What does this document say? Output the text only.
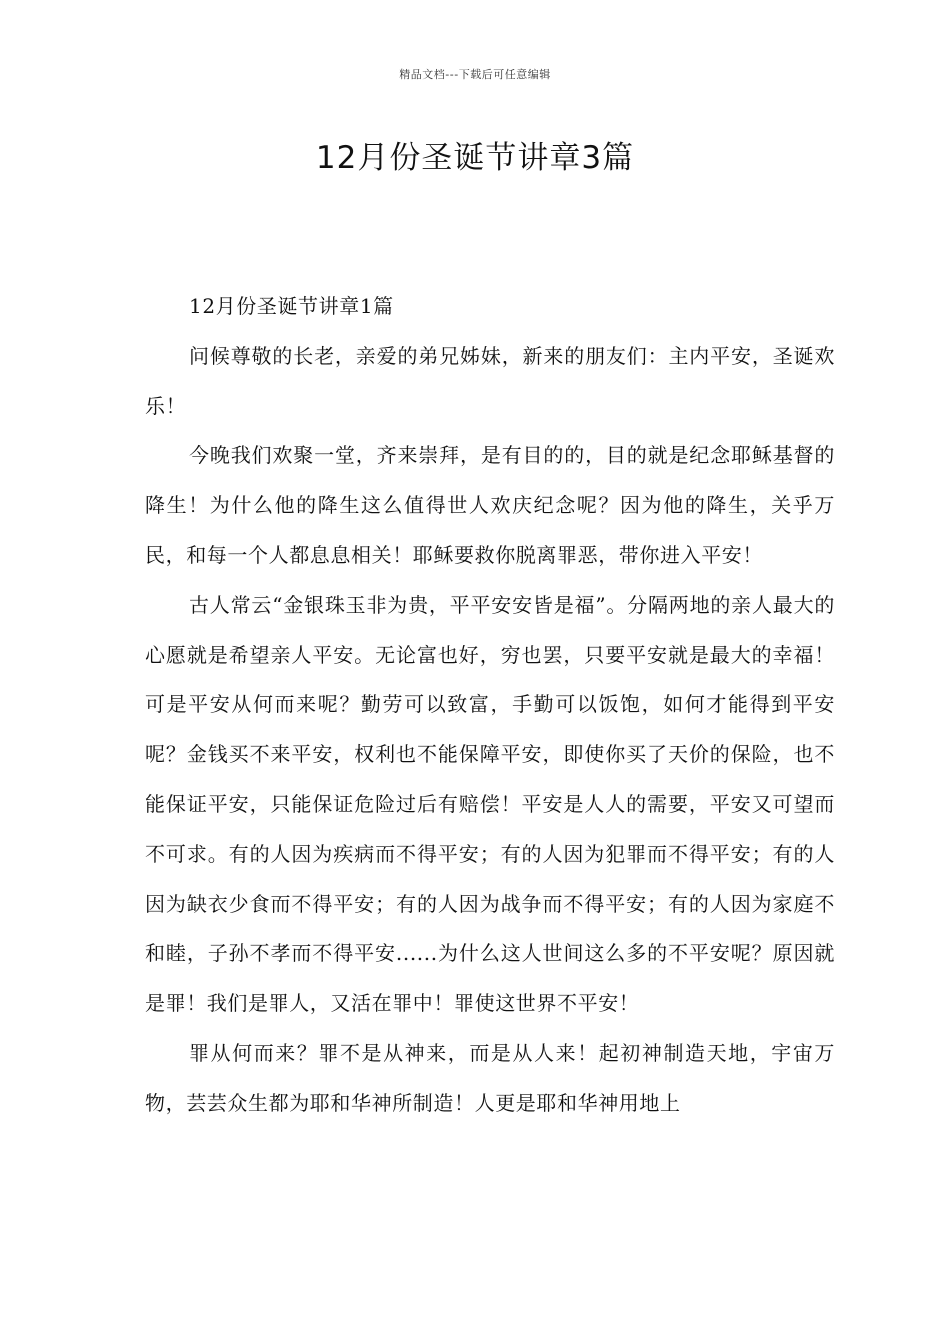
精品文档---下载后可任意编辑
12月份圣诞节讲章3篇

12月份圣诞节讲章1篇

问候尊敬的长老，亲爱的弟兄姊妹，新来的朋友们：主内平安，圣诞欢乐！

今晚我们欢聚一堂，齐来崇拜，是有目的的，目的就是纪念耶稣基督的降生！为什么他的降生这么值得世人欢庆纪念呢？因为他的降生，关乎万民，和每一个人都息息相关！耶稣要救你脱离罪恶，带你进入平安！

古人常云“金银珠玉非为贵，平平安安皆是福”。分隔两地的亲人最大的心愿就是希望亲人平安。无论富也好，穷也罢，只要平安就是最大的幸福！可是平安从何而来呢？勤劳可以致富，手勤可以饭饱，如何才能得到平安呢？金钱买不来平安，权利也不能保障平安，即使你买了天价的保险，也不能保证平安，只能保证危险过后有赔偿！平安是人人的需要，平安又可望而不可求。有的人因为疾病而不得平安；有的人因为犯罪而不得平安；有的人因为缺衣少食而不得平安；有的人因为战争而不得平安；有的人因为家庭不和睦，子孙不孝而不得平安......为什么这人世间这么多的不平安呢？原因就是罪！我们是罪人，又活在罪中！罪使这世界不平安！

罪从何而来？罪不是从神来，而是从人来！起初神制造天地，宇宙万物，芸芸众生都为耶和华神所制造！人更是耶和华神用地上
